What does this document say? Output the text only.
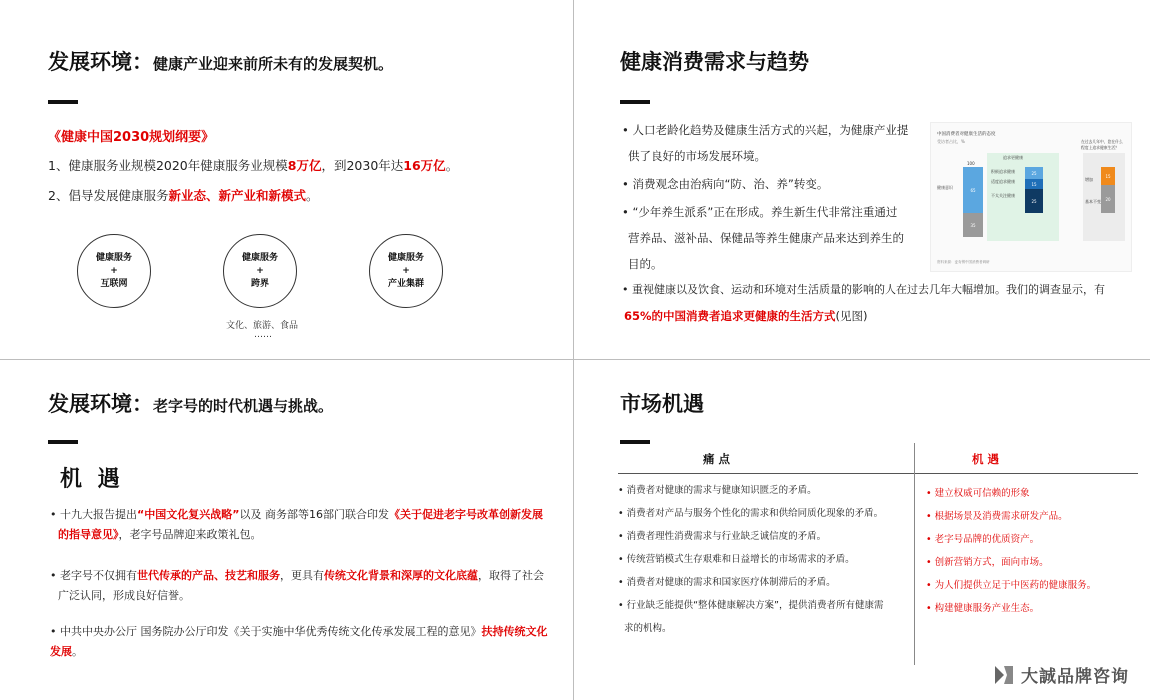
发展环境：健康产业迎来前所未有的发展契机。
《健康中国2030规划纲要》
1、健康服务业规模2020年健康服务业规模8万亿，到2030年达16万亿。
2、倡导发展健康服务新业态、新产业和新模式。
健康服务
+
互联网
健康服务
+
跨界
健康服务
+
产业集群
文化、旅游、食品
……
健康消费需求与趋势
• 人口老龄化趋势及健康生活方式的兴起，为健康产业提
供了良好的市场发展环境。
• 消费观念由治病向“防、治、养”转变。
• “少年养生派系”正在形成。养生新生代非常注重通过
营养品、滋补品、保健品等养生健康产品来达到养生的
目的。
• 重视健康以及饮食、运动和环境对生活质量的影响的人在过去几年大幅增加。我们的调查显示，有
65%的中国消费者追求更健康的生活方式(见图)
中国消费者对健康生活的态度
受访者占比，%
健康意识
100
65
35
追求更健康
积极追求健康
适度追求健康
不太关注健康
25
15
25
在过去几年中，您在什么
程度上追求健康生活？
增加
基本不变
15
20
资料来源：麦肯锡中国消费者调研
发展环境：老字号的时代机遇与挑战。
机 遇
• 十九大报告提出“中国文化复兴战略”以及 商务部等16部门联合印发《关于促进老字号改革创新发展
的指导意见》，老字号品牌迎来政策礼包。
• 老字号不仅拥有世代传承的产品、技艺和服务，更具有传统文化背景和深厚的文化底蕴，取得了社会
广泛认同，形成良好信誉。
• 中共中央办公厅 国务院办公厅印发《关于实施中华优秀传统文化传承发展工程的意见》扶持传统文化
发展。
市场机遇
痛 点	机 遇
• 消费者对健康的需求与健康知识匮乏的矛盾。
• 消费者对产品与服务个性化的需求和供给同质化现象的矛盾。
• 消费者理性消费需求与行业缺乏诚信度的矛盾。
• 传统营销模式生存艰难和日益增长的市场需求的矛盾。
• 消费者对健康的需求和国家医疗体制滞后的矛盾。
• 行业缺乏能提供“整体健康解决方案”，提供消费者所有健康需
求的机构。
• 建立权威可信赖的形象
• 根据场景及消费需求研发产品。
• 老字号品牌的优质资产。
• 创新营销方式，面向市场。
• 为人们提供立足于中医药的健康服务。
• 构建健康服务产业生态。
大誠品牌咨询
